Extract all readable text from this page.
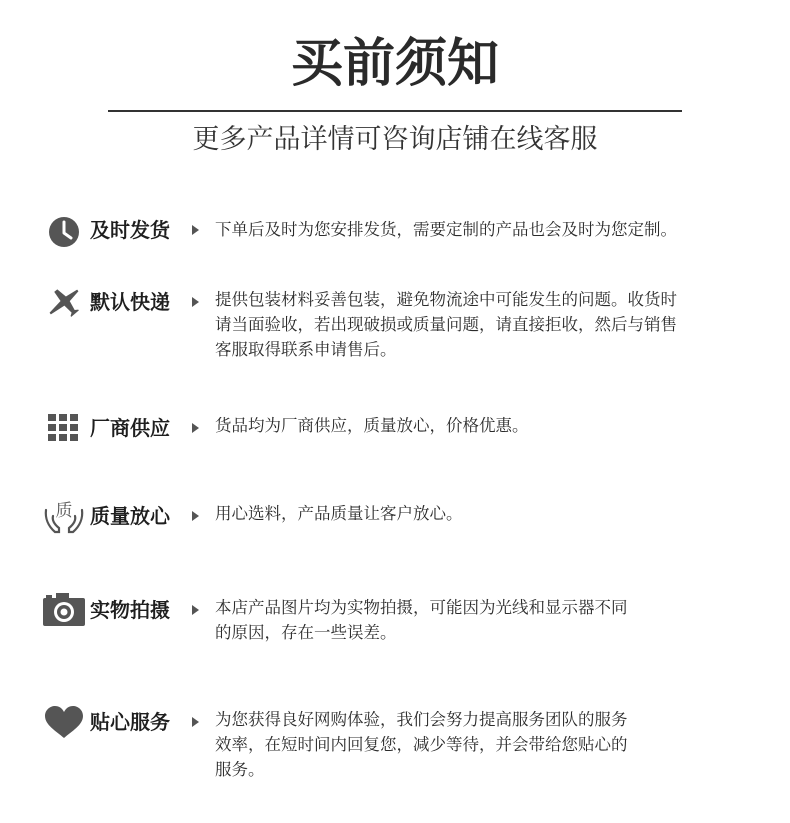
买前须知
更多产品详情可咨询店铺在线客服
及时发货	下单后及时为您安排发货，需要定制的产品也会及时为您定制。
默认快递	提供包装材料妥善包装，避免物流途中可能发生的问题。收货时
请当面验收，若出现破损或质量问题，请直接拒收，然后与销售
客服取得联系申请售后。
厂商供应	货品均为厂商供应，质量放心，价格优惠。
质 质量放心	用心选料，产品质量让客户放心。
实物拍摄	本店产品图片均为实物拍摄，可能因为光线和显示器不同
的原因，存在一些误差。
贴心服务	为您获得良好网购体验，我们会努力提高服务团队的服务
效率，在短时间内回复您，减少等待，并会带给您贴心的
服务。
